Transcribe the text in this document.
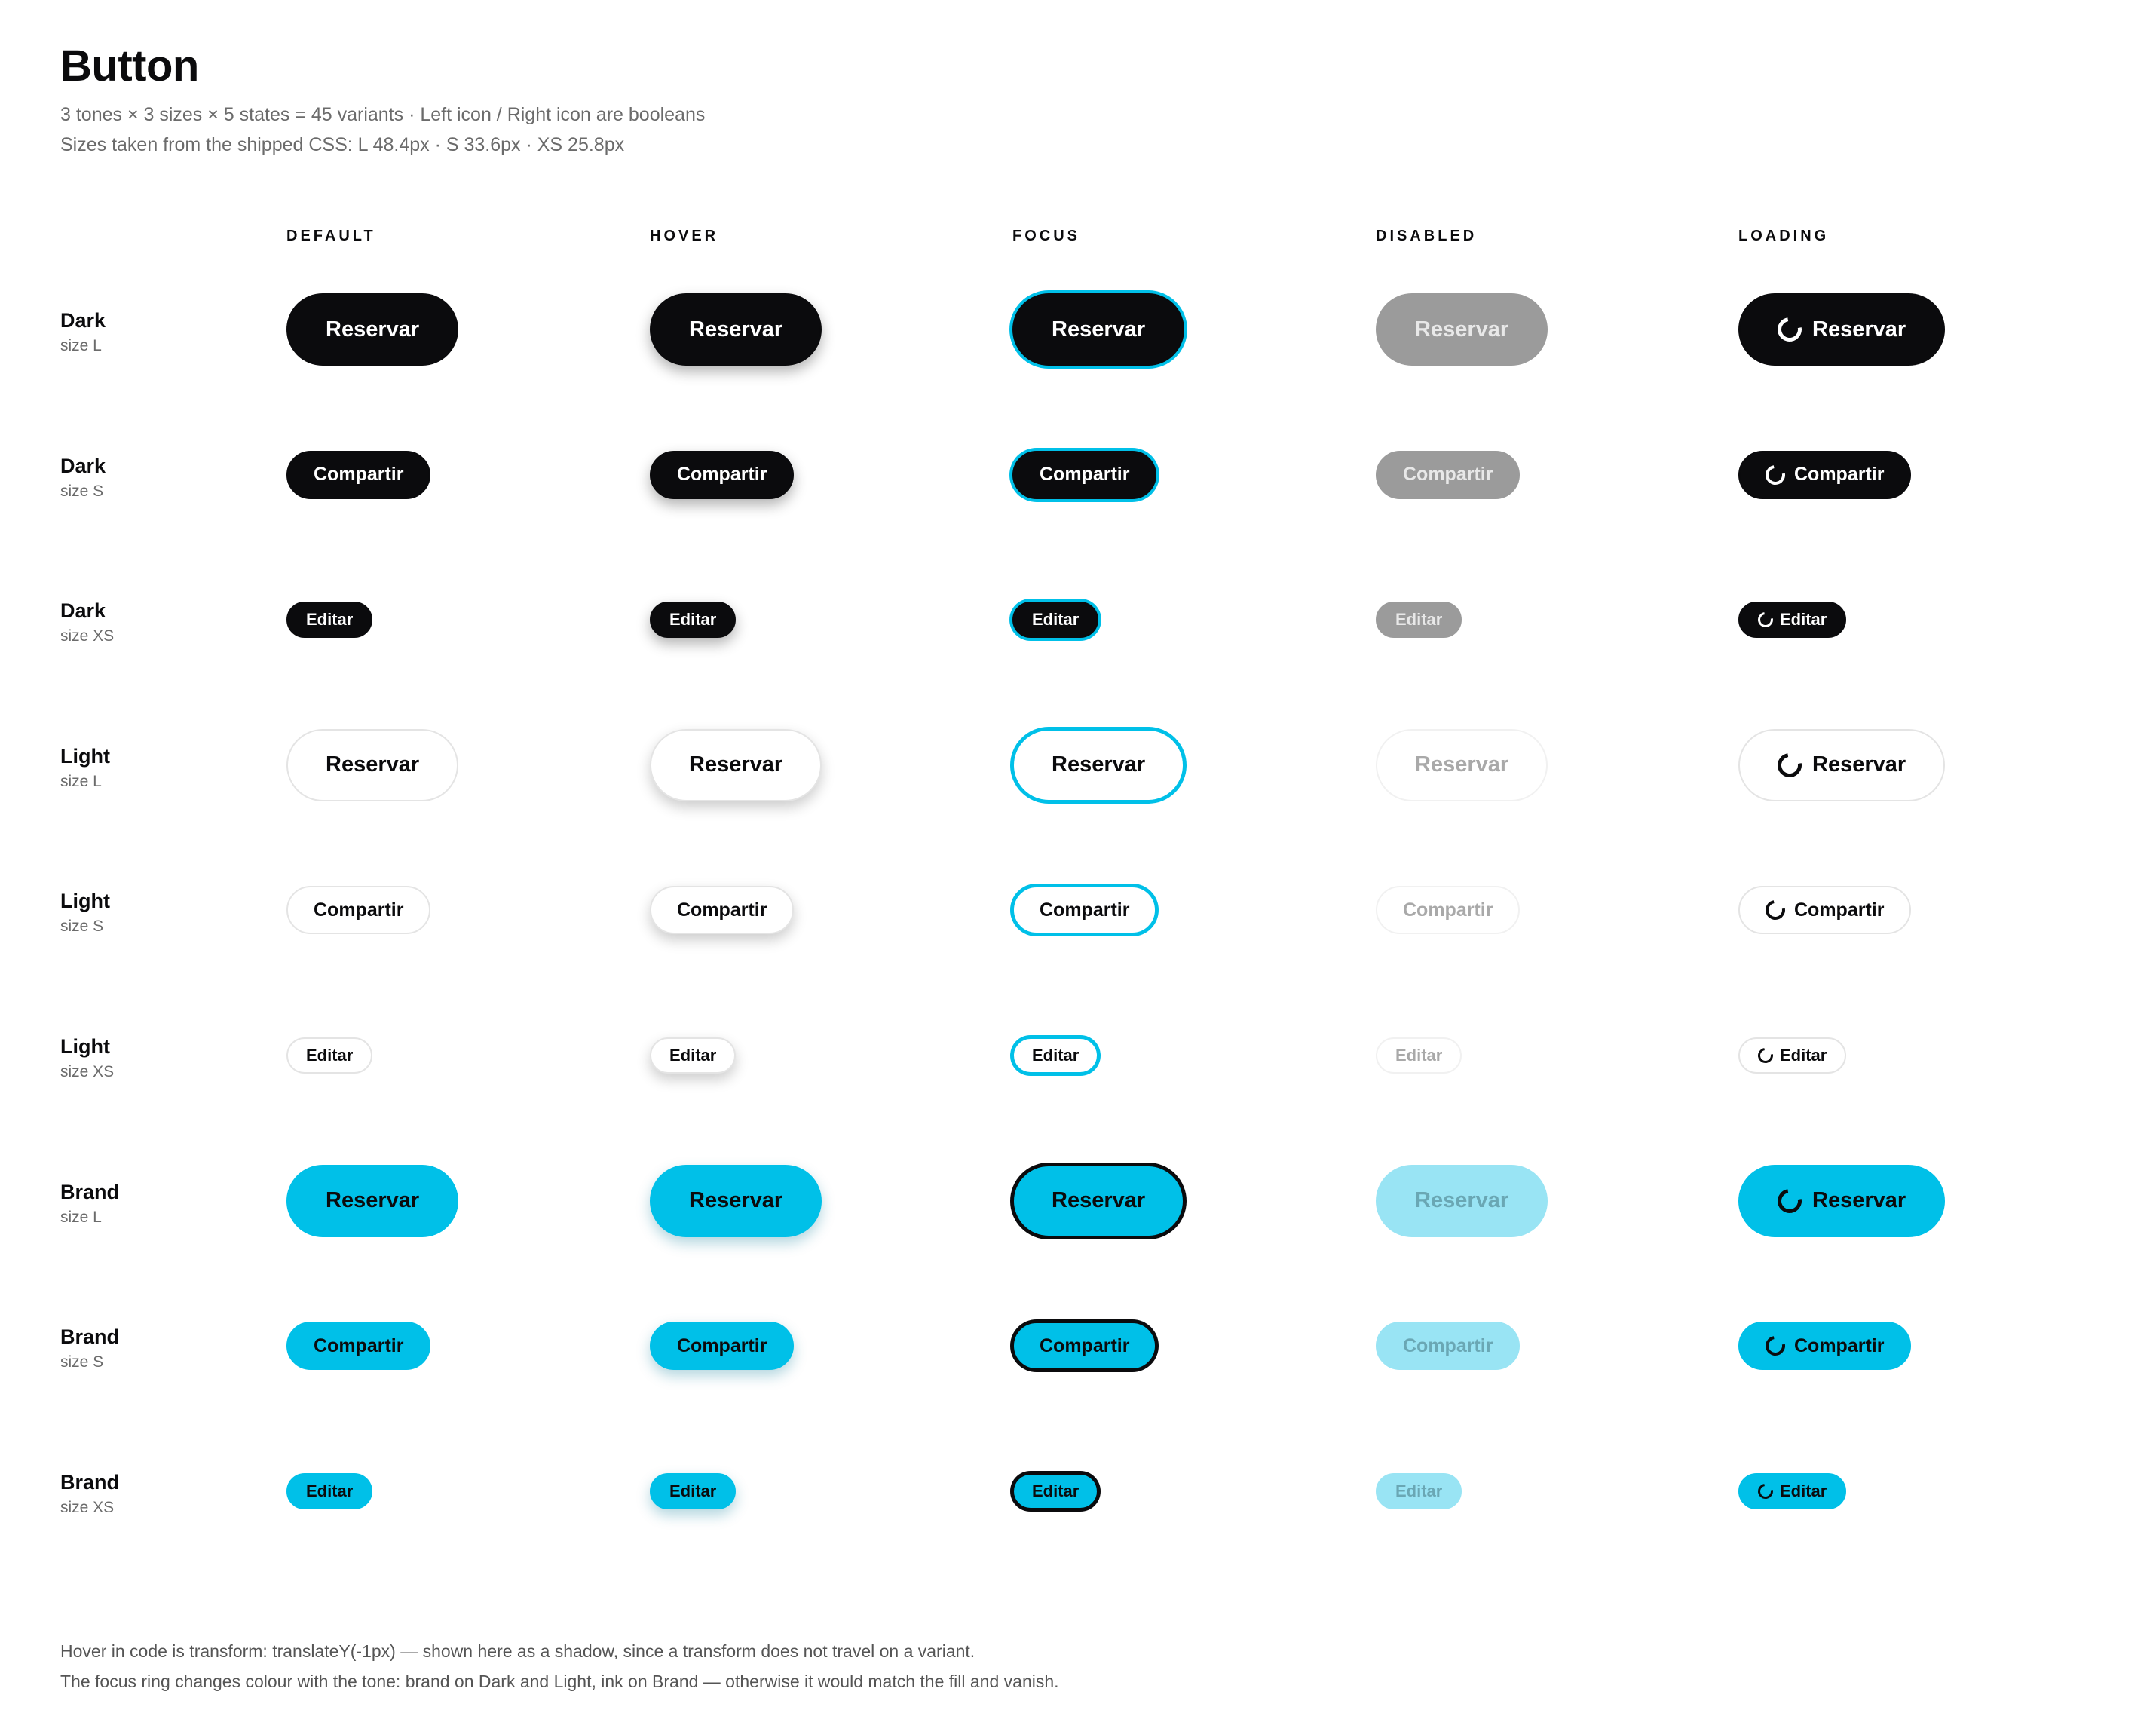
Button

3 tones × 3 sizes × 5 states = 45 variants · Left icon / Right icon are booleans
Sizes taken from the shipped CSS: L 48.4px · S 33.6px · XS 25.8px

DEFAULT	HOVER	FOCUS	DISABLED	LOADING
Dark
size L
Reservar	Reservar	Reservar	Reservar	Reservar
Dark
size S
Compartir	Compartir	Compartir	Compartir	Compartir
Dark
size XS
Editar	Editar	Editar	Editar	Editar
Light
size L
Reservar	Reservar	Reservar	Reservar	Reservar
Light
size S
Compartir	Compartir	Compartir	Compartir	Compartir
Light
size XS
Editar	Editar	Editar	Editar	Editar
Brand
size L
Reservar	Reservar	Reservar	Reservar	Reservar
Brand
size S
Compartir	Compartir	Compartir	Compartir	Compartir
Brand
size XS
Editar	Editar	Editar	Editar	Editar

Hover in code is transform: translateY(-1px) — shown here as a shadow, since a transform does not travel on a variant.
The focus ring changes colour with the tone: brand on Dark and Light, ink on Brand — otherwise it would match the fill and vanish.
